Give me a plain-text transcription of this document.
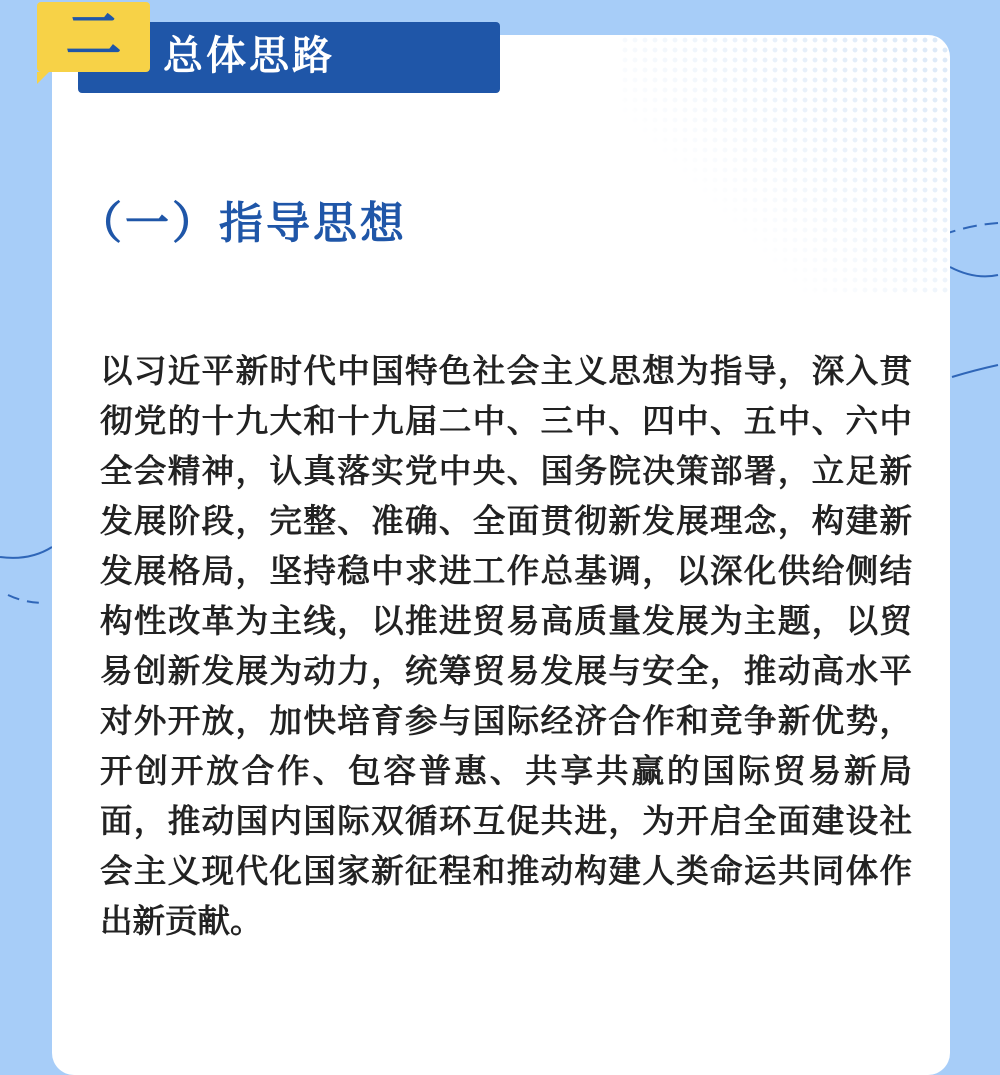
二	总体思路
（一）指导思想

以习近平新时代中国特色社会主义思想为指导，深入贯彻党的十九大和十九届二中、三中、四中、五中、六中全会精神，认真落实党中央、国务院决策部署，立足新发展阶段，完整、准确、全面贯彻新发展理念，构建新发展格局，坚持稳中求进工作总基调，以深化供给侧结构性改革为主线，以推进贸易高质量发展为主题，以贸易创新发展为动力，统筹贸易发展与安全，推动高水平对外开放，加快培育参与国际经济合作和竞争新优势，开创开放合作、包容普惠、共享共赢的国际贸易新局面，推动国内国际双循环互促共进，为开启全面建设社会主义现代化国家新征程和推动构建人类命运共同体作出新贡献。
